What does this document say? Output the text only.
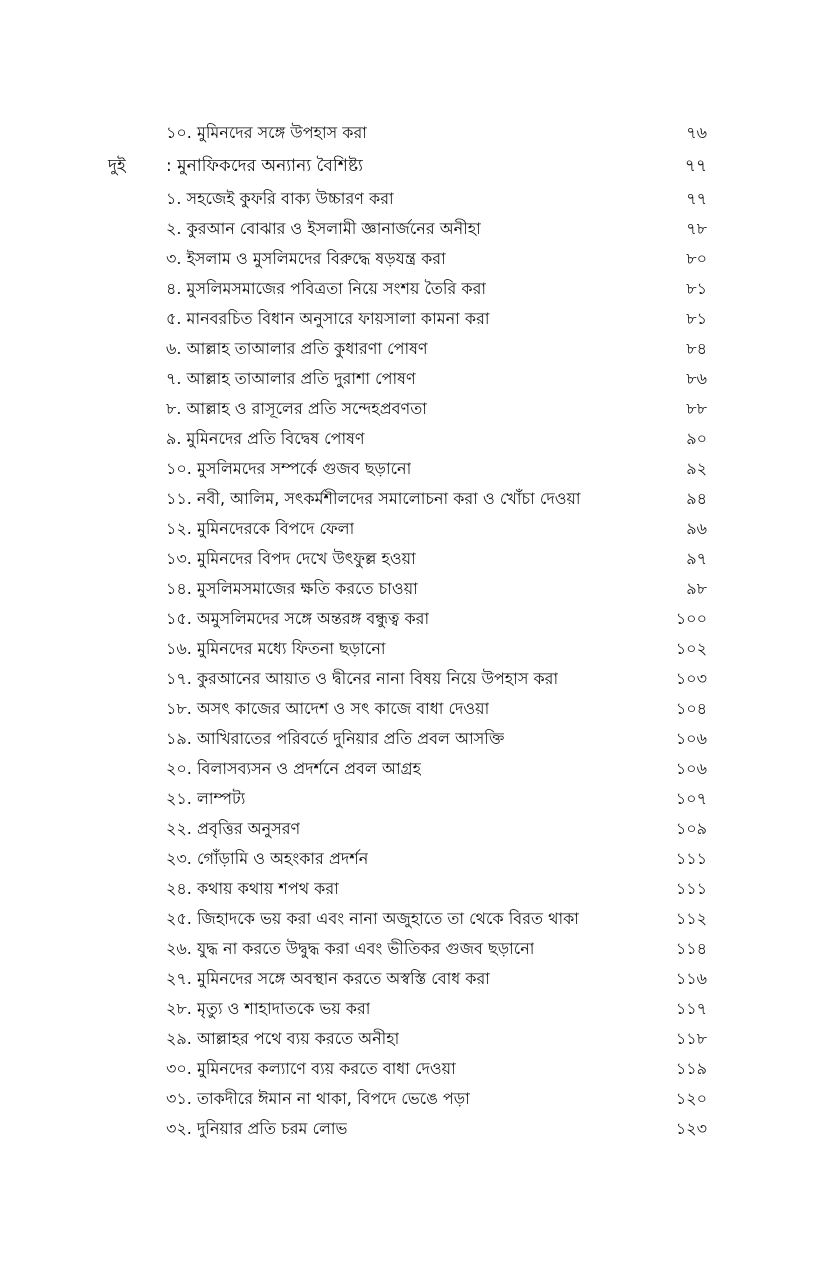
১০. মুমিনদের সঙ্গে উপহাস করা	৭৬
দুই : মুনাফিকদের অন্যান্য বৈশিষ্ট্য	৭৭
১. সহজেই কুফরি বাক্য উচ্চারণ করা	৭৭
২. কুরআন বোঝার ও ইসলামী জ্ঞানার্জনের অনীহা	৭৮
৩. ইসলাম ও মুসলিমদের বিরুদ্ধে ষড়যন্ত্র করা	৮০
৪. মুসলিমসমাজের পবিত্রতা নিয়ে সংশয় তৈরি করা	৮১
৫. মানবরচিত বিধান অনুসারে ফায়সালা কামনা করা	৮১
৬. আল্লাহ তাআলার প্রতি কুধারণা পোষণ	৮৪
৭. আল্লাহ তাআলার প্রতি দুরাশা পোষণ	৮৬
৮. আল্লাহ ও রাসূলের প্রতি সন্দেহপ্রবণতা	৮৮
৯. মুমিনদের প্রতি বিদ্বেষ পোষণ	৯০
১০. মুসলিমদের সম্পর্কে গুজব ছড়ানো	৯২
১১. নবী, আলিম, সৎকর্মশীলদের সমালোচনা করা ও খোঁচা দেওয়া	৯৪
১২. মুমিনদেরকে বিপদে ফেলা	৯৬
১৩. মুমিনদের বিপদ দেখে উৎফুল্ল হওয়া	৯৭
১৪. মুসলিমসমাজের ক্ষতি করতে চাওয়া	৯৮
১৫. অমুসলিমদের সঙ্গে অন্তরঙ্গ বন্ধুত্ব করা	১০০
১৬. মুমিনদের মধ্যে ফিতনা ছড়ানো	১০২
১৭. কুরআনের আয়াত ও দ্বীনের নানা বিষয় নিয়ে উপহাস করা	১০৩
১৮. অসৎ কাজের আদেশ ও সৎ কাজে বাধা দেওয়া	১০৪
১৯. আখিরাতের পরিবর্তে দুনিয়ার প্রতি প্রবল আসক্তি	১০৬
২০. বিলাসব্যসন ও প্রদর্শনে প্রবল আগ্রহ	১০৬
২১. লাম্পট্য	১০৭
২২. প্রবৃত্তির অনুসরণ	১০৯
২৩. গোঁড়ামি ও অহংকার প্রদর্শন	১১১
২৪. কথায় কথায় শপথ করা	১১১
২৫. জিহাদকে ভয় করা এবং নানা অজুহাতে তা থেকে বিরত থাকা	১১২
২৬. যুদ্ধ না করতে উদ্বুদ্ধ করা এবং ভীতিকর গুজব ছড়ানো	১১৪
২৭. মুমিনদের সঙ্গে অবস্থান করতে অস্বস্তি বোধ করা	১১৬
২৮. মৃত্যু ও শাহাদাতকে ভয় করা	১১৭
২৯. আল্লাহর পথে ব্যয় করতে অনীহা	১১৮
৩০. মুমিনদের কল্যাণে ব্যয় করতে বাধা দেওয়া	১১৯
৩১. তাকদীরে ঈমান না থাকা, বিপদে ভেঙে পড়া	১২০
৩২. দুনিয়ার প্রতি চরম লোভ	১২৩
